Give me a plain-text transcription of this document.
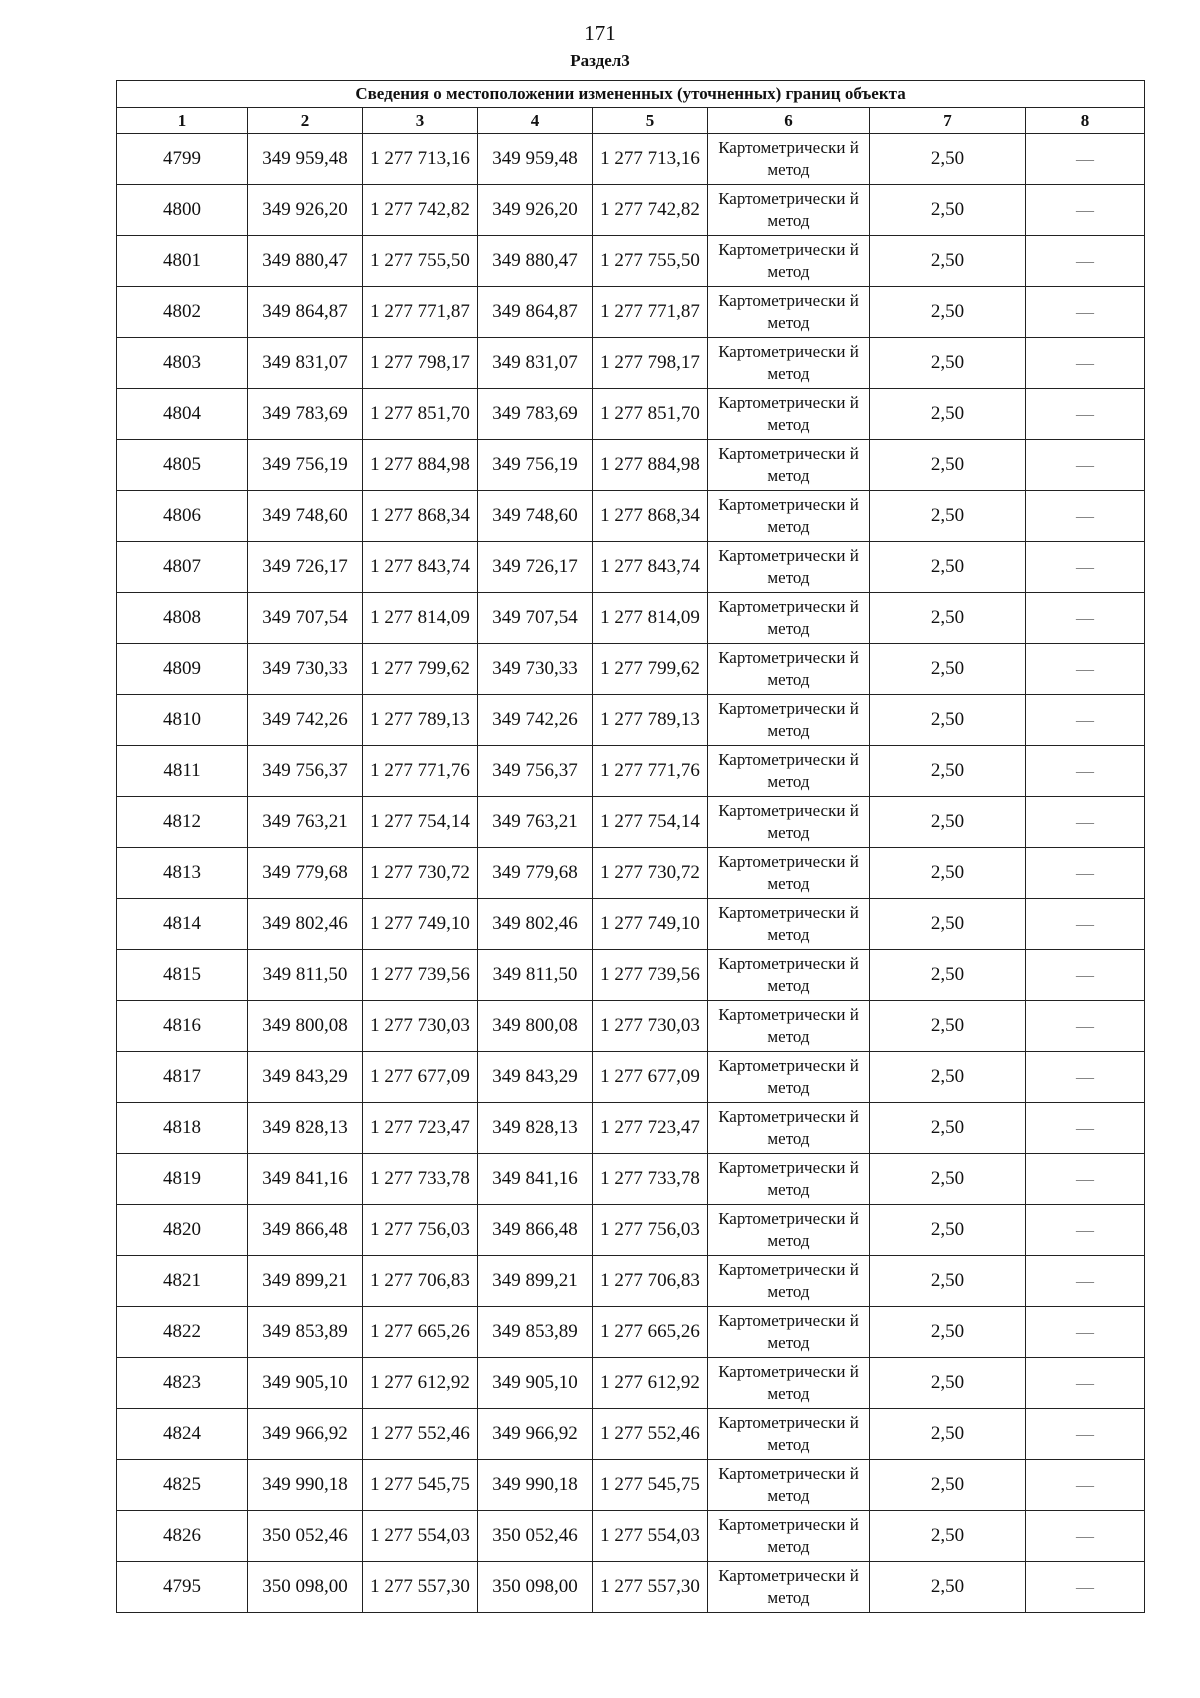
171
Раздел3
Сведения о местоположении измененных (уточненных) границ объекта							
1	2	3	4	5	6	7	8
4799	349 959,48	1 277 713,16	349 959,48	1 277 713,16	Картометрически й метод	2,50	—
4800	349 926,20	1 277 742,82	349 926,20	1 277 742,82	Картометрически й метод	2,50	—
4801	349 880,47	1 277 755,50	349 880,47	1 277 755,50	Картометрически й метод	2,50	—
4802	349 864,87	1 277 771,87	349 864,87	1 277 771,87	Картометрически й метод	2,50	—
4803	349 831,07	1 277 798,17	349 831,07	1 277 798,17	Картометрически й метод	2,50	—
4804	349 783,69	1 277 851,70	349 783,69	1 277 851,70	Картометрически й метод	2,50	—
4805	349 756,19	1 277 884,98	349 756,19	1 277 884,98	Картометрически й метод	2,50	—
4806	349 748,60	1 277 868,34	349 748,60	1 277 868,34	Картометрически й метод	2,50	—
4807	349 726,17	1 277 843,74	349 726,17	1 277 843,74	Картометрически й метод	2,50	—
4808	349 707,54	1 277 814,09	349 707,54	1 277 814,09	Картометрически й метод	2,50	—
4809	349 730,33	1 277 799,62	349 730,33	1 277 799,62	Картометрически й метод	2,50	—
4810	349 742,26	1 277 789,13	349 742,26	1 277 789,13	Картометрически й метод	2,50	—
4811	349 756,37	1 277 771,76	349 756,37	1 277 771,76	Картометрически й метод	2,50	—
4812	349 763,21	1 277 754,14	349 763,21	1 277 754,14	Картометрически й метод	2,50	—
4813	349 779,68	1 277 730,72	349 779,68	1 277 730,72	Картометрически й метод	2,50	—
4814	349 802,46	1 277 749,10	349 802,46	1 277 749,10	Картометрически й метод	2,50	—
4815	349 811,50	1 277 739,56	349 811,50	1 277 739,56	Картометрически й метод	2,50	—
4816	349 800,08	1 277 730,03	349 800,08	1 277 730,03	Картометрически й метод	2,50	—
4817	349 843,29	1 277 677,09	349 843,29	1 277 677,09	Картометрически й метод	2,50	—
4818	349 828,13	1 277 723,47	349 828,13	1 277 723,47	Картометрически й метод	2,50	—
4819	349 841,16	1 277 733,78	349 841,16	1 277 733,78	Картометрически й метод	2,50	—
4820	349 866,48	1 277 756,03	349 866,48	1 277 756,03	Картометрически й метод	2,50	—
4821	349 899,21	1 277 706,83	349 899,21	1 277 706,83	Картометрически й метод	2,50	—
4822	349 853,89	1 277 665,26	349 853,89	1 277 665,26	Картометрически й метод	2,50	—
4823	349 905,10	1 277 612,92	349 905,10	1 277 612,92	Картометрически й метод	2,50	—
4824	349 966,92	1 277 552,46	349 966,92	1 277 552,46	Картометрически й метод	2,50	—
4825	349 990,18	1 277 545,75	349 990,18	1 277 545,75	Картометрически й метод	2,50	—
4826	350 052,46	1 277 554,03	350 052,46	1 277 554,03	Картометрически й метод	2,50	—
4795	350 098,00	1 277 557,30	350 098,00	1 277 557,30	Картометрически й метод	2,50	—
